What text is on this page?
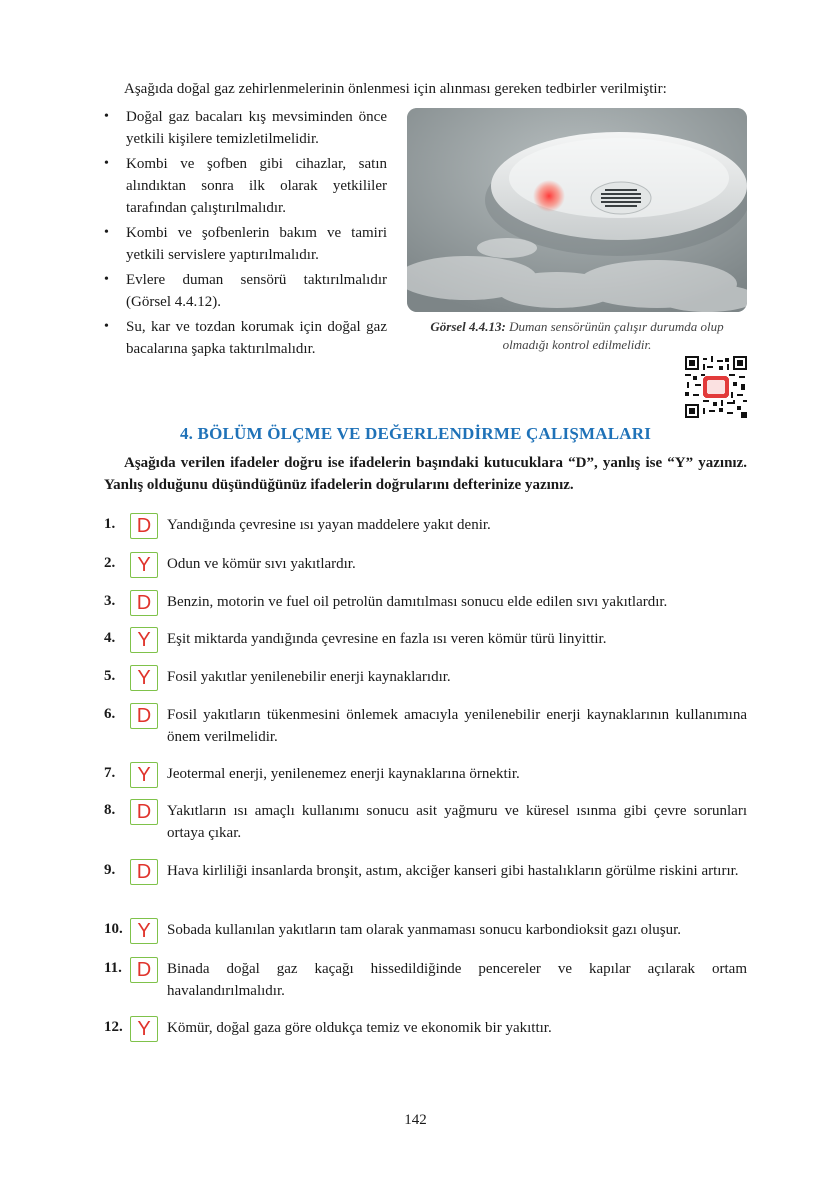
Aşağıda doğal gaz zehirlenmelerinin önlenmesi için alınması gereken tedbirler verilmiştir:
• Doğal gaz bacaları kış mevsiminden önce yetkili kişilere temizletilmelidir.
• Kombi ve şofben gibi cihazlar, satın alındıktan sonra ilk olarak yetkililer tarafından çalıştırılmalıdır.
• Kombi ve şofbenlerin bakım ve tamiri yetkili servislere yaptırılmalıdır.
• Evlere duman sensörü taktırılmalıdır (Görsel 4.4.12).
• Su, kar ve tozdan korumak için doğal gaz bacalarına şapka taktırılmalıdır.
Görsel 4.4.13: Duman sensörünün çalışır durumda olup olmadığı kontrol edilmelidir.
4. BÖLÜM ÖLÇME VE DEĞERLENDİRME ÇALIŞMALARI
Aşağıda verilen ifadeler doğru ise ifadelerin başındaki kutucuklara “D”, yanlış ise “Y” yazınız. Yanlış olduğunu düşündüğünüz ifadelerin doğrularını defterinize yazınız.
1.	D	Yandığında çevresine ısı yayan maddelere yakıt denir.
2.	Y	Odun ve kömür sıvı yakıtlardır.
3.	D	Benzin, motorin ve fuel oil petrolün damıtılması sonucu elde edilen sıvı yakıtlardır.
4.	Y	Eşit miktarda yandığında çevresine en fazla ısı veren kömür türü linyittir.
5.	Y	Fosil yakıtlar yenilenebilir enerji kaynaklarıdır.
6.	D	Fosil yakıtların tükenmesini önlemek amacıyla yenilenebilir enerji kaynaklarının kullanımına önem verilmelidir.
7.	Y	Jeotermal enerji, yenilenemez enerji kaynaklarına örnektir.
8.	D	Yakıtların ısı amaçlı kullanımı sonucu asit yağmuru ve küresel ısınma gibi çevre sorunları ortaya çıkar.
9.	D	Hava kirliliği insanlarda bronşit, astım, akciğer kanseri gibi hastalıkların görülme riskini artırır.
10. Y	Sobada kullanılan yakıtların tam olarak yanmaması sonucu karbondioksit gazı oluşur.
11. D	Binada doğal gaz kaçağı hissedildiğinde pencereler ve kapılar açılarak ortam havalandırılmalıdır.
12. Y	Kömür, doğal gaza göre oldukça temiz ve ekonomik bir yakıttır.
142
